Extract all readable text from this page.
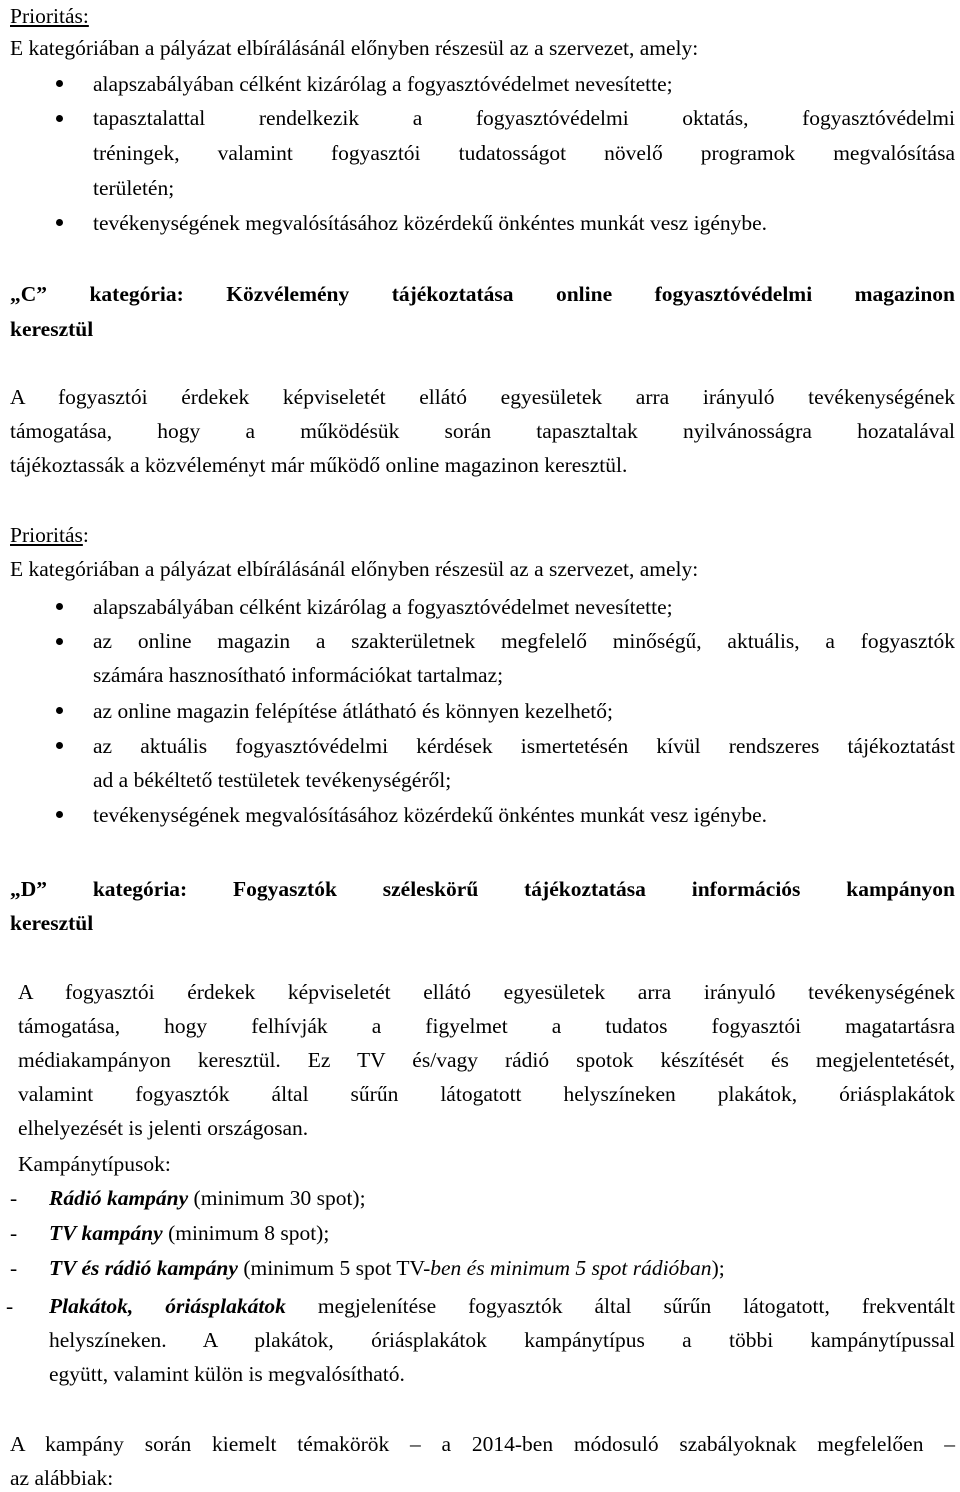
Prioritás:
E kategóriában a pályázat elbírálásánál előnyben részesül az a szervezet, amely:
alapszabályában célként kizárólag a fogyasztóvédelmet nevesítette;
tapasztalattal rendelkezik a fogyasztóvédelmi oktatás, fogyasztóvédelmi
tréningek, valamint fogyasztói tudatosságot növelő programok megvalósítása
területén;
tevékenységének megvalósításához közérdekű önkéntes munkát vesz igénybe.
„C” kategória: Közvélemény tájékoztatása online fogyasztóvédelmi magazinon
keresztül
A fogyasztói érdekek képviseletét ellátó egyesületek arra irányuló tevékenységének
támogatása, hogy a működésük során tapasztaltak nyilvánosságra hozatalával
tájékoztassák a közvéleményt már működő online magazinon keresztül.
Prioritás:
E kategóriában a pályázat elbírálásánál előnyben részesül az a szervezet, amely:
alapszabályában célként kizárólag a fogyasztóvédelmet nevesítette;
az online magazin a szakterületnek megfelelő minőségű, aktuális, a fogyasztók
számára hasznosítható információkat tartalmaz;
az online magazin felépítése átlátható és könnyen kezelhető;
az aktuális fogyasztóvédelmi kérdések ismertetésén kívül rendszeres tájékoztatást
ad a békéltető testületek tevékenységéről;
tevékenységének megvalósításához közérdekű önkéntes munkát vesz igénybe.
„D” kategória: Fogyasztók széleskörű tájékoztatása információs kampányon
keresztül
A fogyasztói érdekek képviseletét ellátó egyesületek arra irányuló tevékenységének
támogatása, hogy felhívják a figyelmet a tudatos fogyasztói magatartásra
médiakampányon keresztül. Ez TV és/vagy rádió spotok készítését és megjelentetését,
valamint fogyasztók által sűrűn látogatott helyszíneken plakátok, óriásplakátok
elhelyezését is jelenti országosan.
Kampánytípusok:
- Rádió kampány (minimum 30 spot);
- TV kampány (minimum 8 spot);
- TV és rádió kampány (minimum 5 spot TV-ben és minimum 5 spot rádióban);
- Plakátok, óriásplakátok megjelenítése fogyasztók által sűrűn látogatott, frekventált
helyszíneken. A plakátok, óriásplakátok kampánytípus a többi kampánytípussal
együtt, valamint külön is megvalósítható.
A kampány során kiemelt témakörök – a 2014-ben módosuló szabályoknak megfelelően –
az alábbiak:
